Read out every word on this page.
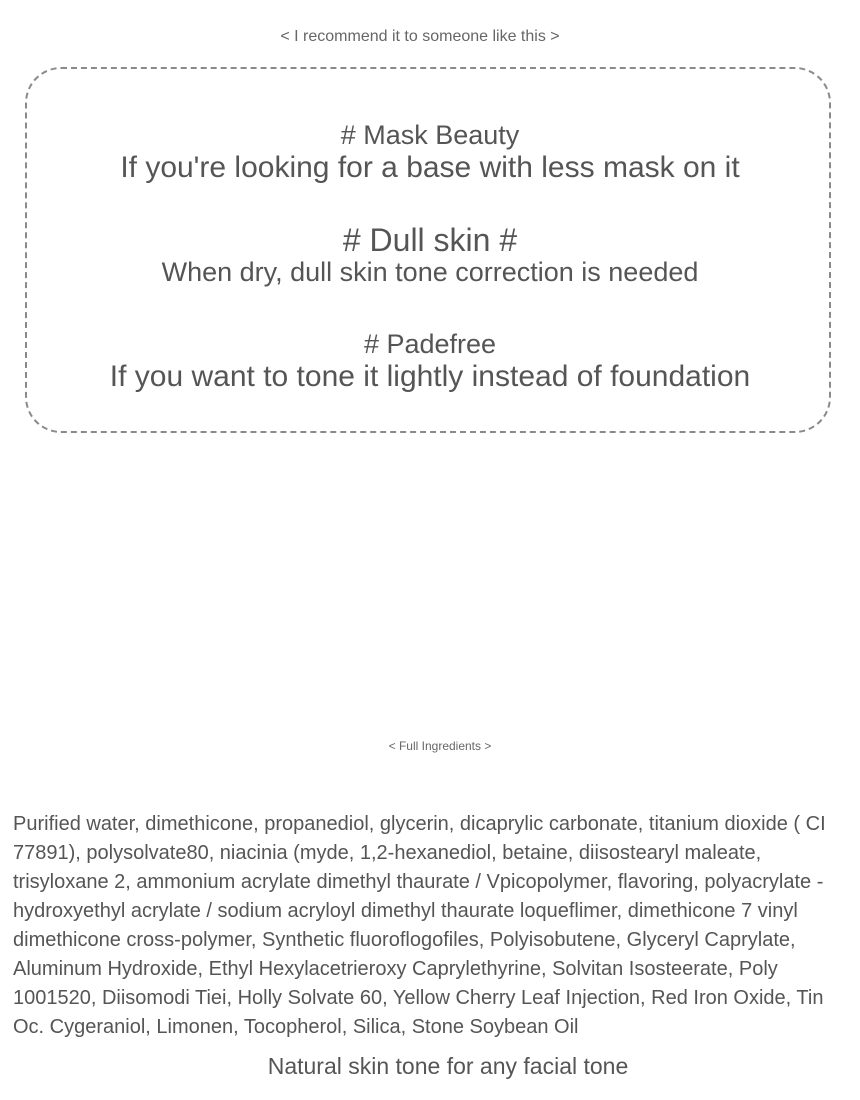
< I recommend it to someone like this >
# Mask Beauty
If you're looking for a base with less mask on it
# Dull skin #
When dry, dull skin tone correction is needed
# Padefree
If you want to tone it lightly instead of foundation
< Full Ingredients >

Purified water, dimethicone, propanediol, glycerin, dicaprylic carbonate, titanium dioxide ( CI 77891), polysolvate80, niacinia (myde, 1,2-hexanediol, betaine, diisostearyl maleate, trisyloxane 2, ammonium acrylate dimethyl thaurate / Vpicopolymer, flavoring, polyacrylate -hydroxyethyl acrylate / sodium acryloyl dimethyl thaurate loqueflimer, dimethicone 7 vinyl dimethicone cross-polymer, Synthetic fluoroflogofiles, Polyisobutene, Glyceryl Caprylate, Aluminum Hydroxide, Ethyl Hexylacetrieroxy Caprylethyrine, Solvitan Isosteerate, Poly 1001520, Diisomodi Tiei, Holly Solvate 60, Yellow Cherry Leaf Injection, Red Iron Oxide, Tin Oc. Cygeraniol, Limonen, Tocopherol, Silica, Stone Soybean Oil

Natural skin tone for any facial tone
